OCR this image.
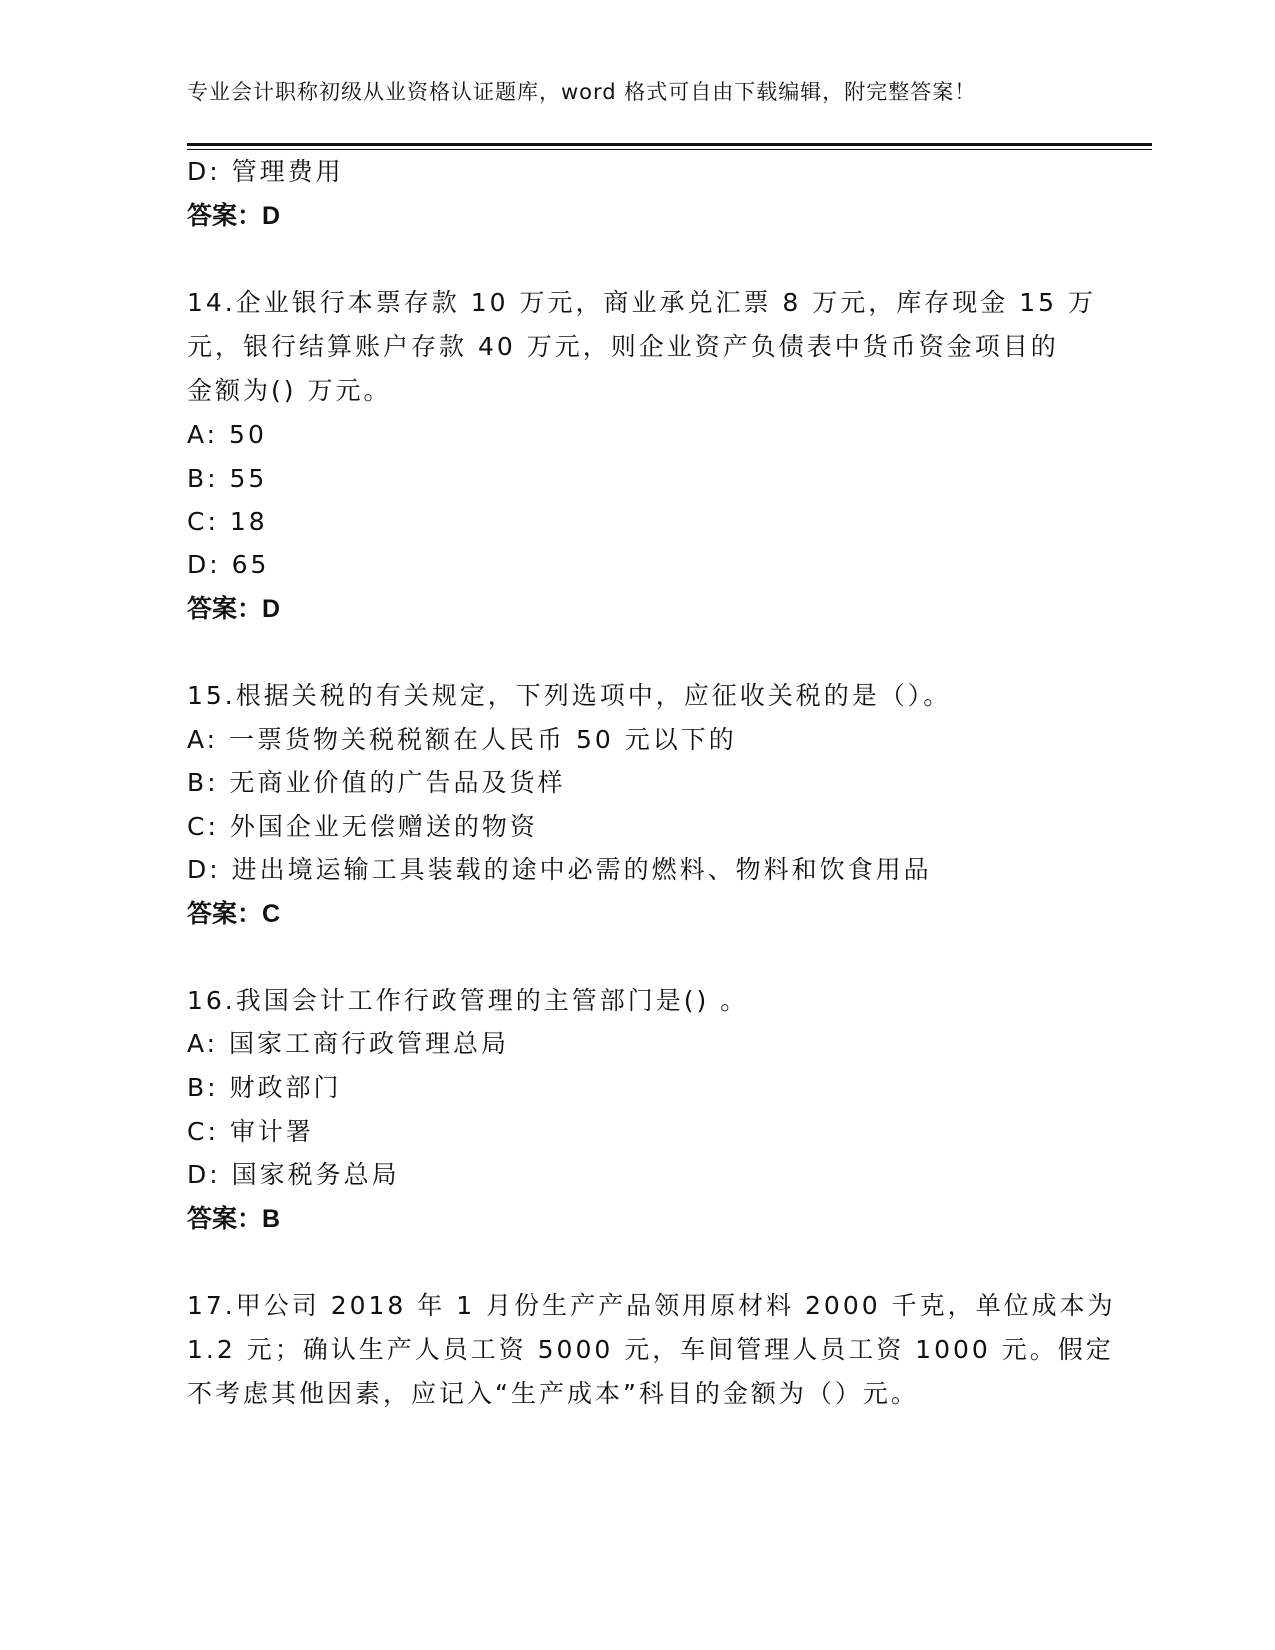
专业会计职称初级从业资格认证题库，word 格式可自由下载编辑，附完整答案！
D: 管理费用
答案：D
14.企业银行本票存款 10 万元，商业承兑汇票 8 万元，库存现金 15 万
元，银行结算账户存款 40 万元，则企业资产负债表中货币资金项目的
金额为() 万元。
A: 50
B: 55
C: 18
D: 65
答案：D
15.根据关税的有关规定，下列选项中，应征收关税的是（）。
A: 一票货物关税税额在人民币 50 元以下的
B: 无商业价值的广告品及货样
C: 外国企业无偿赠送的物资
D: 进出境运输工具装载的途中必需的燃料、物料和饮食用品
答案：C
16.我国会计工作行政管理的主管部门是() 。
A: 国家工商行政管理总局
B: 财政部门
C: 审计署
D: 国家税务总局
答案：B
17.甲公司 2018 年 1 月份生产产品领用原材料 2000 千克，单位成本为
1.2 元；确认生产人员工资 5000 元，车间管理人员工资 1000 元。假定
不考虑其他因素，应记入“生产成本”科目的金额为（）元。
